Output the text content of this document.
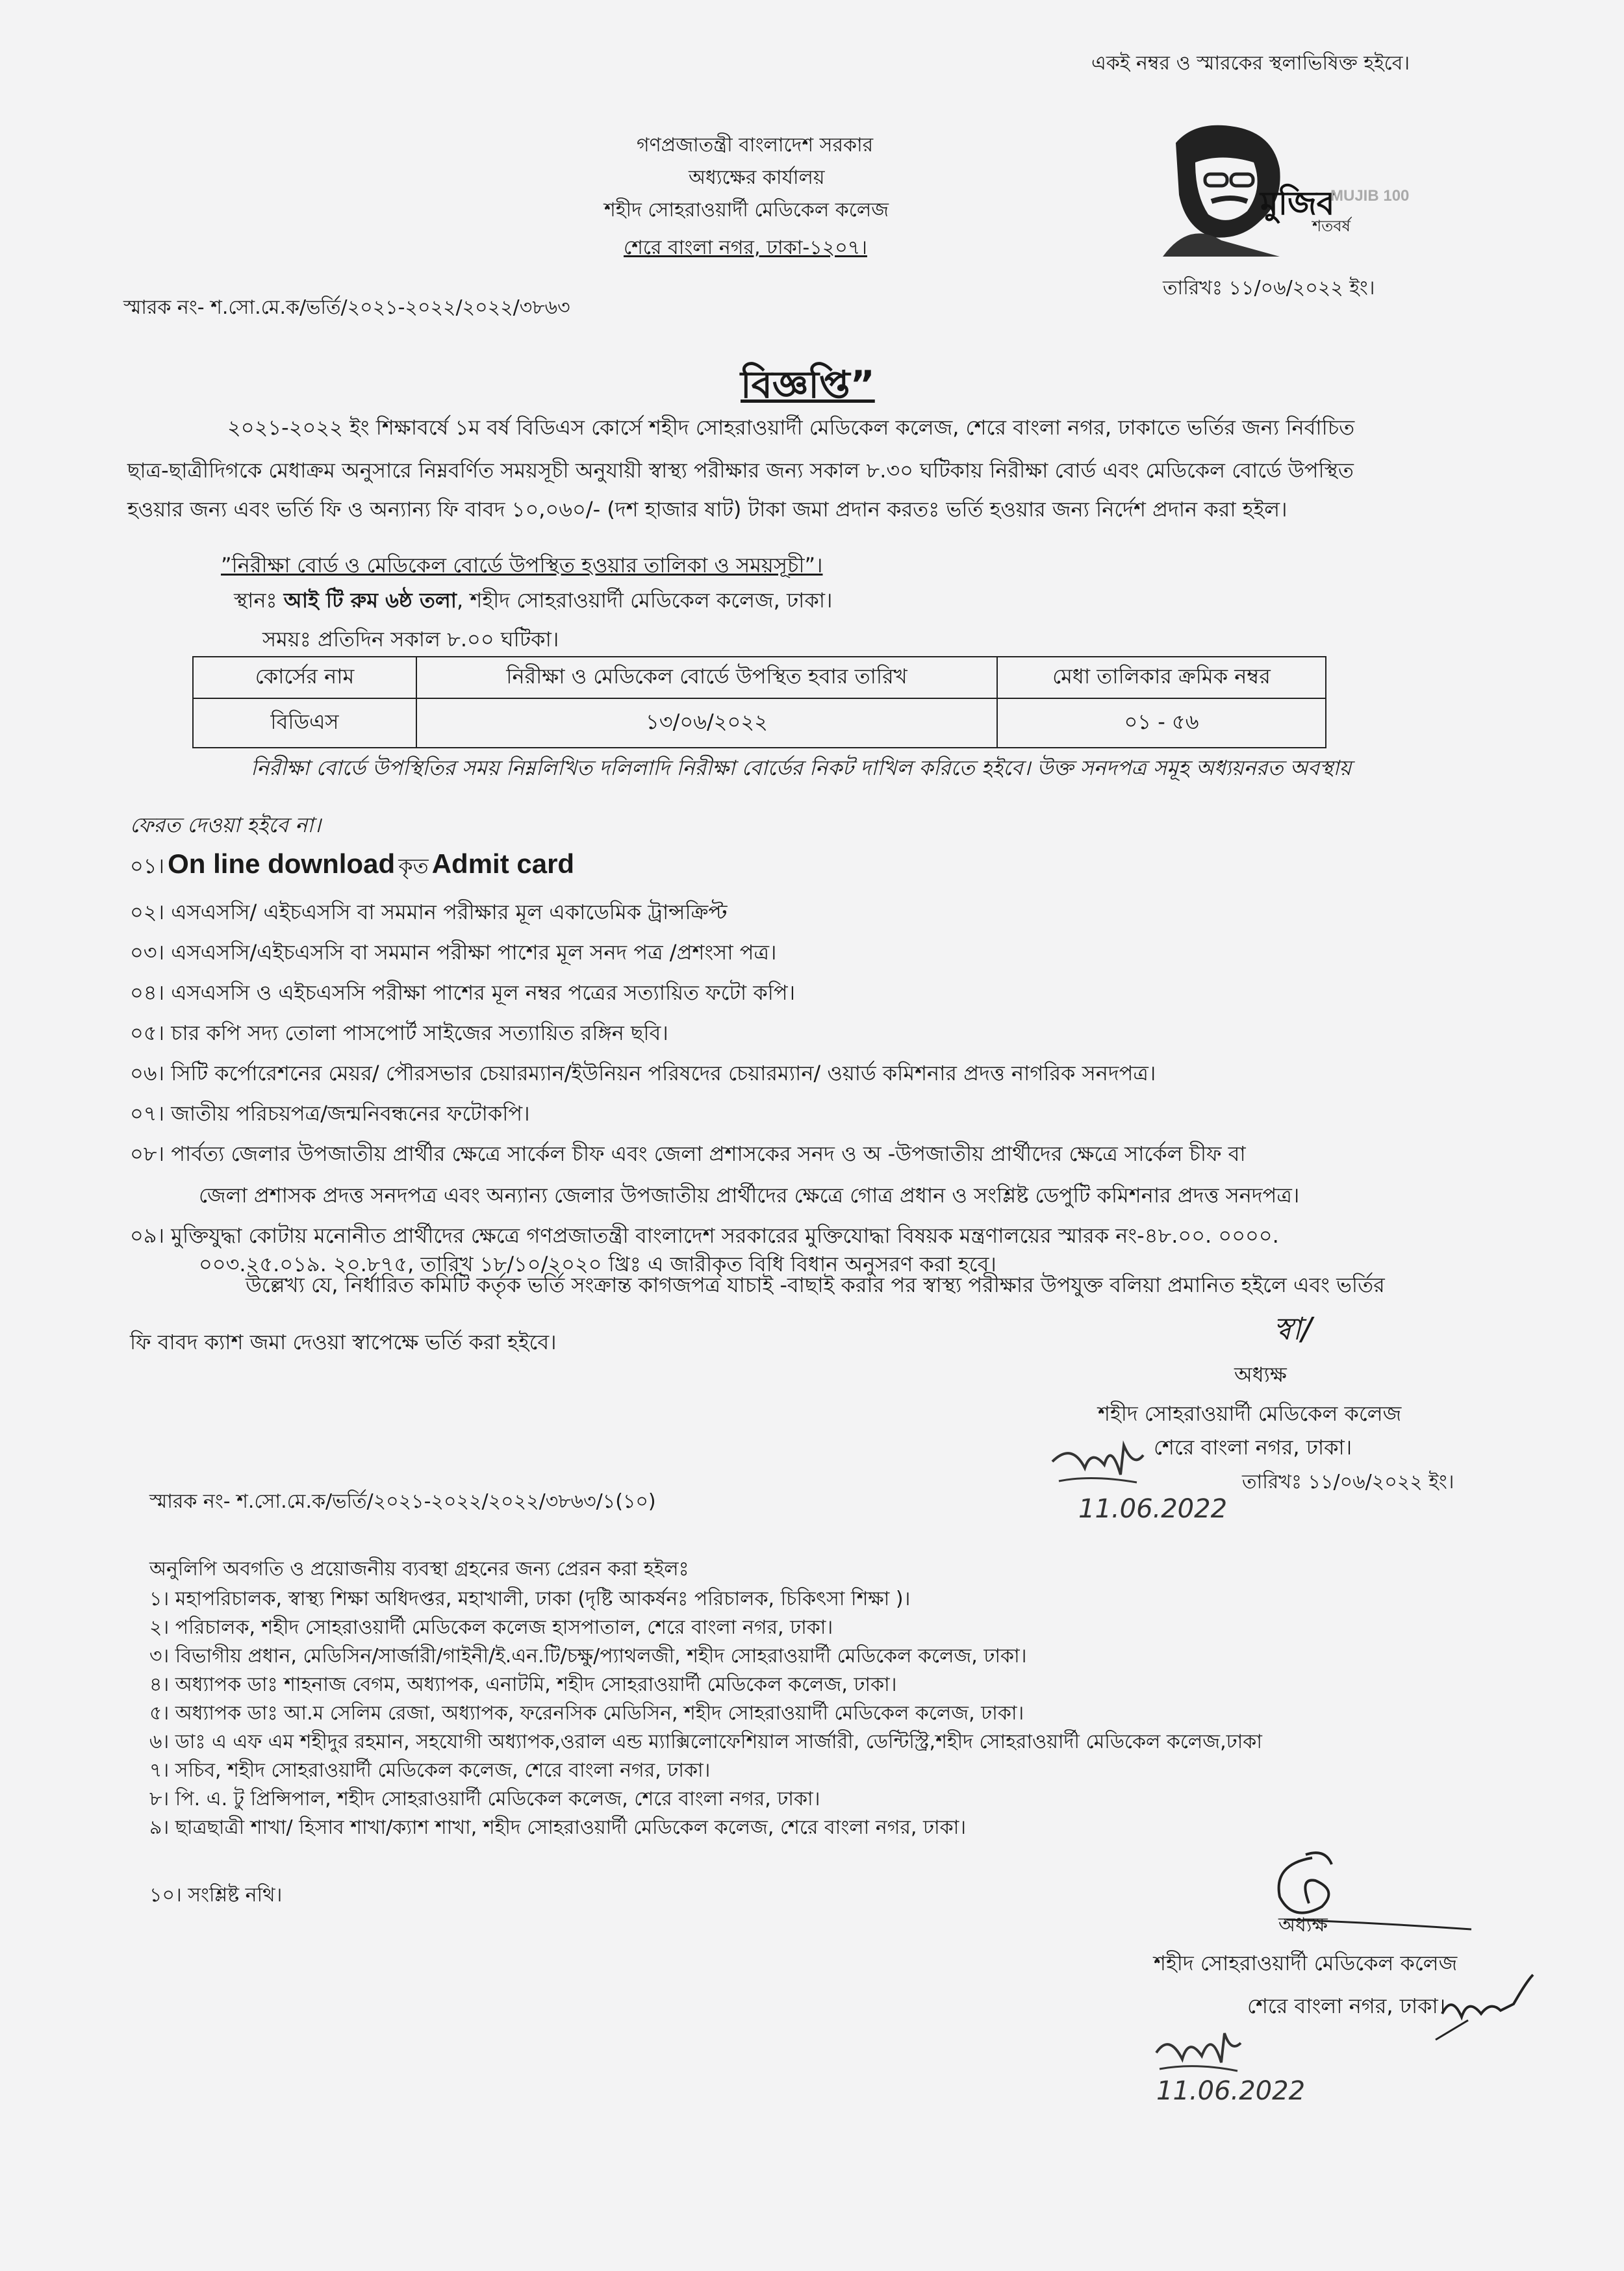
একই নম্বর ও স্মারকের স্থলাভিষিক্ত হইবে।
গণপ্রজাতন্ত্রী বাংলাদেশ সরকার
অধ্যক্ষের কার্যালয়
শহীদ সোহরাওয়ার্দী মেডিকেল কলেজ
শেরে বাংলা নগর, ঢাকা-১২০৭।
মুজিব
শতবর্ষ
MUJIB 100
স্মারক নং- শ.সো.মে.ক/ভর্তি/২০২১-২০২২/২০২২/৩৮৬৩
তারিখঃ ১১/০৬/২০২২ ইং।
বিজ্ঞপ্তি”
২০২১-২০২২ ইং শিক্ষাবর্ষে ১ম বর্ষ বিডিএস কোর্সে শহীদ সোহরাওয়ার্দী মেডিকেল কলেজ, শেরে বাংলা নগর, ঢাকাতে ভর্তির জন্য নির্বাচিত
ছাত্র-ছাত্রীদিগকে মেধাক্রম অনুসারে নিম্নবর্ণিত সময়সূচী অনুযায়ী স্বাস্থ্য পরীক্ষার জন্য সকাল ৮.৩০ ঘটিকায় নিরীক্ষা বোর্ড এবং মেডিকেল বোর্ডে উপস্থিত
হওয়ার জন্য এবং ভর্তি ফি ও অন্যান্য ফি বাবদ ১০,০৬০/- (দশ হাজার ষাট) টাকা জমা প্রদান করতঃ ভর্তি হওয়ার জন্য নির্দেশ প্রদান করা হইল।
”নিরীক্ষা বোর্ড ও মেডিকেল বোর্ডে উপস্থিত হওয়ার তালিকা ও সময়সূচী”।
স্থানঃ আই টি রুম ৬ষ্ঠ তলা, শহীদ সোহরাওয়ার্দী মেডিকেল কলেজ, ঢাকা।
সময়ঃ প্রতিদিন সকাল ৮.০০ ঘটিকা।
কোর্সের নাম	নিরীক্ষা ও মেডিকেল বোর্ডে উপস্থিত হবার তারিখ	মেধা তালিকার ক্রমিক নম্বর
বিডিএস	১৩/০৬/২০২২	০১ - ৫৬
নিরীক্ষা বোর্ডে উপস্থিতির সময় নিম্নলিখিত দলিলাদি নিরীক্ষা বোর্ডের নিকট দাখিল করিতে হইবে। উক্ত সনদপত্র সমূহ অধ্যয়নরত অবস্থায়
ফেরত দেওয়া হইবে না।
০১। On line download কৃত Admit card
০২। এসএসসি/ এইচএসসি বা সমমান পরীক্ষার মূল একাডেমিক ট্রান্সক্রিপ্ট
০৩। এসএসসি/এইচএসসি বা সমমান পরীক্ষা পাশের মূল সনদ পত্র /প্রশংসা পত্র।
০৪। এসএসসি ও এইচএসসি পরীক্ষা পাশের মূল নম্বর পত্রের সত্যায়িত ফটো কপি।
০৫। চার কপি সদ্য তোলা পাসপোর্ট সাইজের সত্যায়িত রঙ্গিন ছবি।
০৬। সিটি কর্পোরেশনের মেয়র/ পৌরসভার চেয়ারম্যান/ইউনিয়ন পরিষদের চেয়ারম্যান/ ওয়ার্ড কমিশনার প্রদত্ত নাগরিক সনদপত্র।
০৭। জাতীয় পরিচয়পত্র/জন্মনিবন্ধনের ফটোকপি।
০৮। পার্বত্য জেলার উপজাতীয় প্রার্থীর ক্ষেত্রে সার্কেল চীফ এবং জেলা প্রশাসকের সনদ ও অ -উপজাতীয় প্রার্থীদের ক্ষেত্রে সার্কেল চীফ বা
জেলা প্রশাসক প্রদত্ত সনদপত্র এবং অন্যান্য জেলার উপজাতীয় প্রার্থীদের ক্ষেত্রে গোত্র প্রধান ও সংশ্লিষ্ট ডেপুটি কমিশনার প্রদত্ত সনদপত্র।
০৯। মুক্তিযুদ্ধা কোটায় মনোনীত প্রার্থীদের ক্ষেত্রে গণপ্রজাতন্ত্রী বাংলাদেশ সরকারের মুক্তিযোদ্ধা বিষয়ক মন্ত্রণালয়ের স্মারক নং-৪৮.০০. ০০০০.
০০৩.২৫.০১৯. ২০.৮৭৫, তারিখ ১৮/১০/২০২০ খ্রিঃ এ জারীকৃত বিধি বিধান অনুসরণ করা হবে।
উল্লেখ্য যে, নির্ধারিত কমিটি কর্তৃক ভর্তি সংক্রান্ত কাগজপত্র যাচাই -বাছাই করার পর স্বাস্থ্য পরীক্ষার উপযুক্ত বলিয়া প্রমানিত হইলে এবং ভর্তির
ফি বাবদ ক্যাশ জমা দেওয়া স্বাপেক্ষে ভর্তি করা হইবে।	স্বা/
অধ্যক্ষ
শহীদ সোহরাওয়ার্দী মেডিকেল কলেজ
শেরে বাংলা নগর, ঢাকা।
স্মারক নং- শ.সো.মে.ক/ভর্তি/২০২১-২০২২/২০২২/৩৮৬৩/১(১০)
তারিখঃ ১১/০৬/২০২২ ইং।
11.06.2022
অনুলিপি অবগতি ও প্রয়োজনীয় ব্যবস্থা গ্রহনের জন্য প্রেরন করা হইলঃ
১। মহাপরিচালক, স্বাস্থ্য শিক্ষা অধিদপ্তর, মহাখালী, ঢাকা (দৃষ্টি আকর্ষনঃ পরিচালক, চিকিৎসা শিক্ষা )।
২। পরিচালক, শহীদ সোহরাওয়ার্দী মেডিকেল কলেজ হাসপাতাল, শেরে বাংলা নগর, ঢাকা।
৩। বিভাগীয় প্রধান, মেডিসিন/সার্জারী/গাইনী/ই.এন.টি/চক্ষু/প্যাথলজী, শহীদ সোহরাওয়ার্দী মেডিকেল কলেজ, ঢাকা।
৪। অধ্যাপক ডাঃ শাহনাজ বেগম, অধ্যাপক, এনাটমি, শহীদ সোহরাওয়ার্দী মেডিকেল কলেজ, ঢাকা।
৫। অধ্যাপক ডাঃ আ.ম সেলিম রেজা, অধ্যাপক, ফরেনসিক মেডিসিন, শহীদ সোহরাওয়ার্দী মেডিকেল কলেজ, ঢাকা।
৬। ডাঃ এ এফ এম শহীদুর রহমান, সহযোগী অধ্যাপক,ওরাল এন্ড ম্যাক্সিলোফেশিয়াল সার্জারী, ডেন্টিস্ট্রি,শহীদ সোহরাওয়ার্দী মেডিকেল কলেজ,ঢাকা
৭। সচিব, শহীদ সোহরাওয়ার্দী মেডিকেল কলেজ, শেরে বাংলা নগর, ঢাকা।
৮। পি. এ. টু প্রিন্সিপাল, শহীদ সোহরাওয়ার্দী মেডিকেল কলেজ, শেরে বাংলা নগর, ঢাকা।
৯। ছাত্রছাত্রী শাখা/ হিসাব শাখা/ক্যাশ শাখা, শহীদ সোহরাওয়ার্দী মেডিকেল কলেজ, শেরে বাংলা নগর, ঢাকা।
১০। সংশ্লিষ্ট নথি।
অধ্যক্ষ
শহীদ সোহরাওয়ার্দী মেডিকেল কলেজ
শেরে বাংলা নগর, ঢাকা।
11.06.2022
